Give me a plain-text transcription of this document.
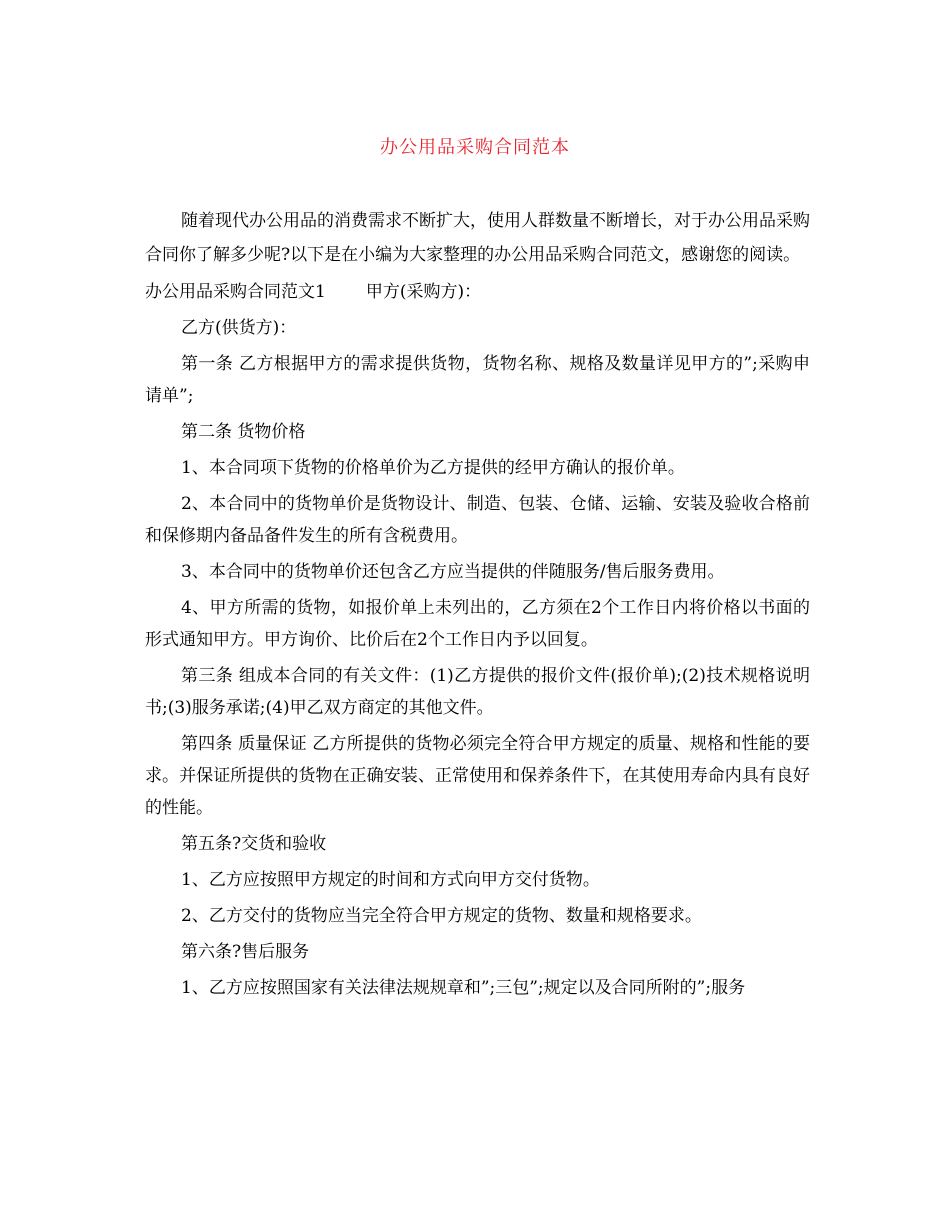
办公用品采购合同范本

随着现代办公用品的消费需求不断扩大，使用人群数量不断增长，对于办公用品采购合同你了解多少呢?以下是在小编为大家整理的办公用品采购合同范文，感谢您的阅读。

办公用品采购合同范文1 甲方(采购方)：

乙方(供货方)：

第一条 乙方根据甲方的需求提供货物，货物名称、规格及数量详见甲方的”;采购申请单”;

第二条 货物价格

1、本合同项下货物的价格单价为乙方提供的经甲方确认的报价单。

2、本合同中的货物单价是货物设计、制造、包装、仓储、运输、安装及验收合格前和保修期内备品备件发生的所有含税费用。

3、本合同中的货物单价还包含乙方应当提供的伴随服务/售后服务费用。

4、甲方所需的货物，如报价单上未列出的，乙方须在2个工作日内将价格以书面的形式通知甲方。甲方询价、比价后在2个工作日内予以回复。

第三条 组成本合同的有关文件：(1)乙方提供的报价文件(报价单);(2)技术规格说明书;(3)服务承诺;(4)甲乙双方商定的其他文件。

第四条 质量保证 乙方所提供的货物必须完全符合甲方规定的质量、规格和性能的要求。并保证所提供的货物在正确安装、正常使用和保养条件下，在其使用寿命内具有良好的性能。

第五条?交货和验收

1、乙方应按照甲方规定的时间和方式向甲方交付货物。

2、乙方交付的货物应当完全符合甲方规定的货物、数量和规格要求。

第六条?售后服务

1、乙方应按照国家有关法律法规规章和”;三包”;规定以及合同所附的”;服务
